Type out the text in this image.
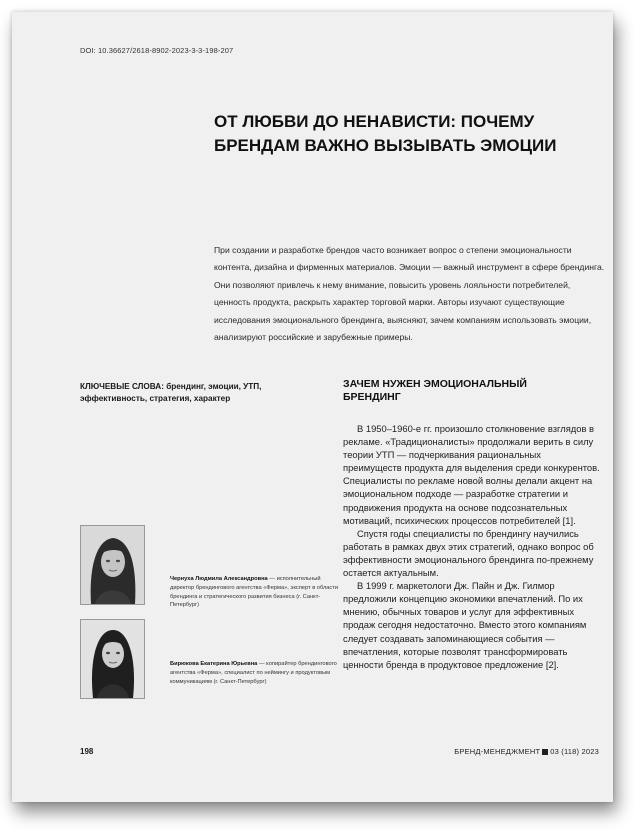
DOI: 10.36627/2618-8902-2023-3-3-198-207
ОТ ЛЮБВИ ДО НЕНАВИСТИ: ПОЧЕМУ БРЕНДАМ ВАЖНО ВЫЗЫВАТЬ ЭМОЦИИ
При создании и разработке брендов часто возникает вопрос о степени эмоциональности контента, дизайна и фирменных материалов. Эмоции — важный инструмент в сфере брендинга. Они позволяют привлечь к нему внимание, повысить уровень лояльности потребителей, ценность продукта, раскрыть характер торговой марки. Авторы изучают существующие исследования эмоционального брендинга, выясняют, зачем компаниям использовать эмоции, анализируют российские и зарубежные примеры.
КЛЮЧЕВЫЕ СЛОВА: брендинг, эмоции, УТП, эффективность, стратегия, характер
ЗАЧЕМ НУЖЕН ЭМОЦИОНАЛЬНЫЙ БРЕНДИНГ

В 1950–1960-е гг. произошло столкновение взглядов в рекламе. «Традиционалисты» продолжали верить в силу теории УТП — подчеркивания рациональных преимуществ продукта для выделения среди конкурентов. Специалисты по рекламе новой волны делали акцент на эмоциональном подходе — разработке стратегии и продвижения продукта на основе подсознательных мотиваций, психических процессов потребителей [1].

Спустя годы специалисты по брендингу научились работать в рамках двух этих стратегий, однако вопрос об эффективности эмоционального брендинга по-прежнему остается актуальным.

В 1999 г. маркетологи Дж. Пайн и Дж. Гилмор предложили концепцию экономики впечатлений. По их мнению, обычных товаров и услуг для эффективных продаж сегодня недостаточно. Вместо этого компаниям следует создавать запоминающиеся события — впечатления, которые позволят трансформировать ценности бренда в продуктовое предложение [2].

Чернуха Людмила Александровна — исполнительный директор брендингового агентства «Ферма», эксперт в области брендинга и стратегического развития бизнеса (г. Санкт-Петербург)
Бирюкова Екатерина Юрьевна — копирайтер брендингового агентства «Ферма», специалист по неймингу и продуктовым коммуникациям (г. Санкт-Петербург)
198	БРЕНД-МЕНЕДЖМЕНТ 03 (118) 2023
